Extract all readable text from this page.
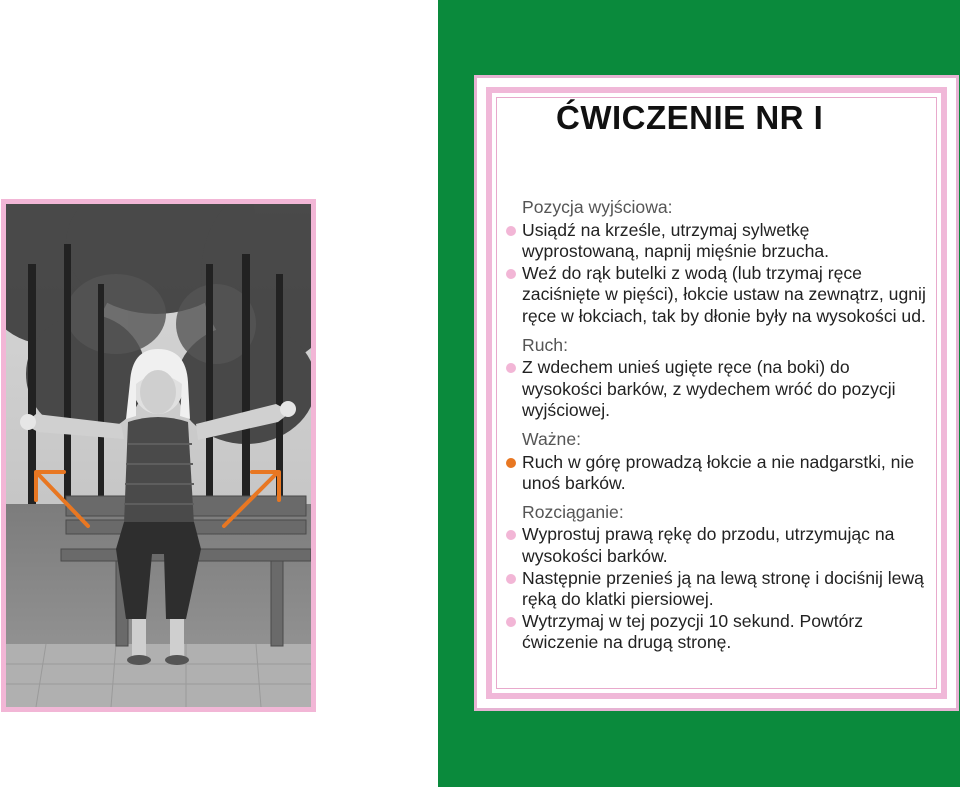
ĆWICZENIE NR I
Pozycja wyjściowa:
Usiądź na krześle, utrzymaj sylwetkę wyprostowaną, napnij mięśnie brzucha.
Weź do rąk butelki z wodą (lub trzymaj ręce zaciśnięte w pięści), łokcie ustaw na zewnątrz, ugnij ręce w łokciach, tak by dłonie były na wysokości ud.
Ruch:
Z wdechem unieś ugięte ręce (na boki) do wysokości barków, z wydechem wróć do pozycji wyjściowej.
Ważne:
Ruch w górę prowadzą łokcie a nie nadgarstki, nie unoś barków.
Rozciąganie:
Wyprostuj prawą rękę do przodu, utrzymując na wysokości barków.
Następnie przenieś ją na lewą stronę i dociśnij lewą ręką do klatki piersiowej.
Wytrzymaj w tej pozycji 10 sekund. Powtórz ćwiczenie na drugą stronę.
